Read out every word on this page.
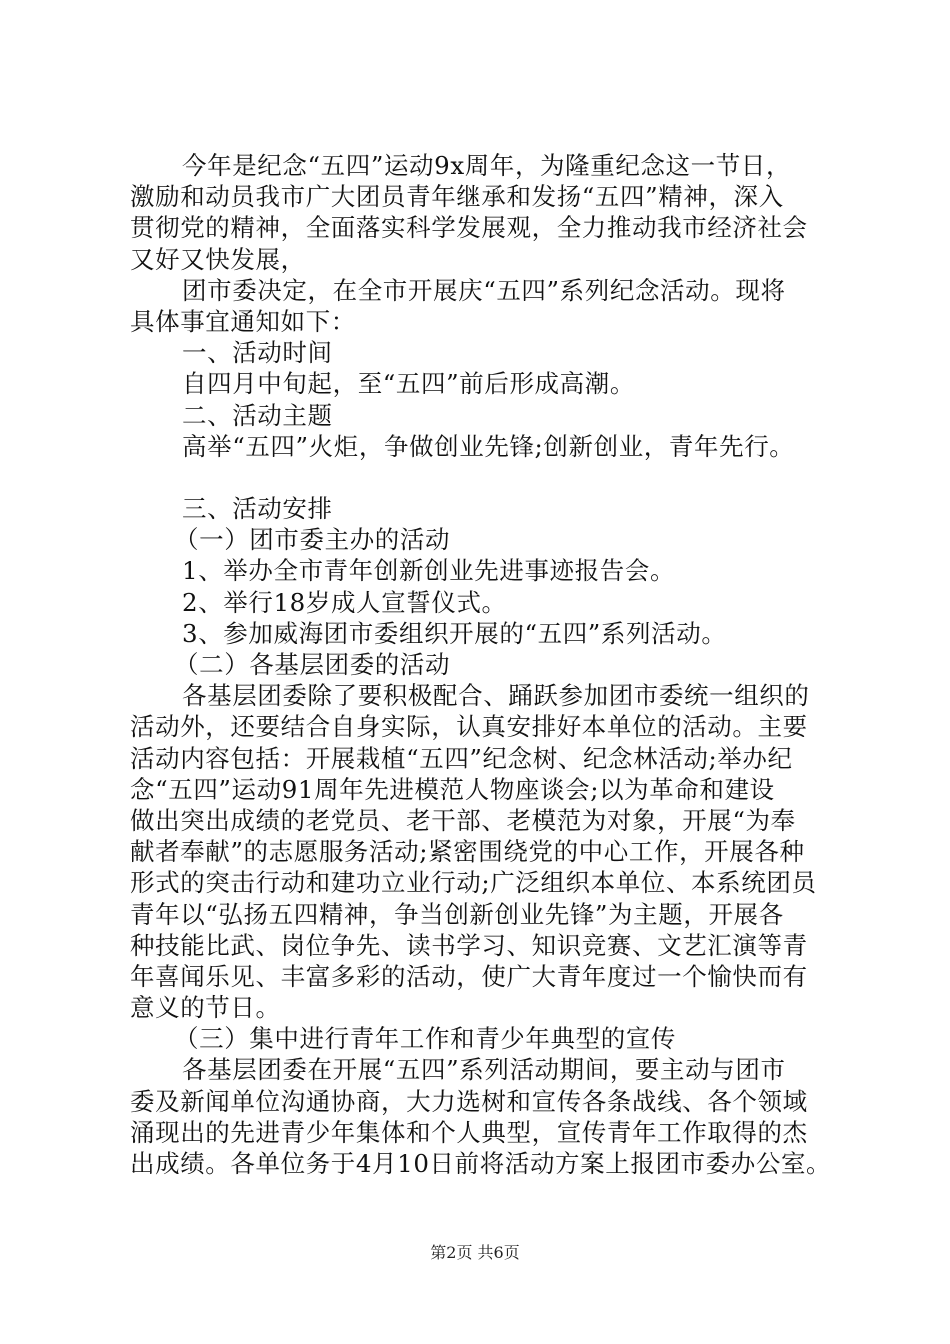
今年是纪念“五四”运动9x周年，为隆重纪念这一节日，
激励和动员我市广大团员青年继承和发扬“五四”精神，深入
贯彻党的精神，全面落实科学发展观，全力推动我市经济社会
又好又快发展，
团市委决定，在全市开展庆“五四”系列纪念活动。现将
具体事宜通知如下：
一、活动时间
自四月中旬起，至“五四”前后形成高潮。
二、活动主题
高举“五四”火炬，争做创业先锋;创新创业，青年先行。
三、活动安排
（一）团市委主办的活动
1、举办全市青年创新创业先进事迹报告会。
2、举行18岁成人宣誓仪式。
3、参加威海团市委组织开展的“五四”系列活动。
（二）各基层团委的活动
各基层团委除了要积极配合、踊跃参加团市委统一组织的
活动外，还要结合自身实际，认真安排好本单位的活动。主要
活动内容包括：开展栽植“五四”纪念树、纪念林活动;举办纪
念“五四”运动91周年先进模范人物座谈会;以为革命和建设
做出突出成绩的老党员、老干部、老模范为对象，开展“为奉
献者奉献”的志愿服务活动;紧密围绕党的中心工作，开展各种
形式的突击行动和建功立业行动;广泛组织本单位、本系统团员
青年以“弘扬五四精神，争当创新创业先锋”为主题，开展各
种技能比武、岗位争先、读书学习、知识竞赛、文艺汇演等青
年喜闻乐见、丰富多彩的活动，使广大青年度过一个愉快而有
意义的节日。
（三）集中进行青年工作和青少年典型的宣传
各基层团委在开展“五四”系列活动期间，要主动与团市
委及新闻单位沟通协商，大力选树和宣传各条战线、各个领域
涌现出的先进青少年集体和个人典型，宣传青年工作取得的杰
出成绩。各单位务于4月10日前将活动方案上报团市委办公室。
第2页 共6页
